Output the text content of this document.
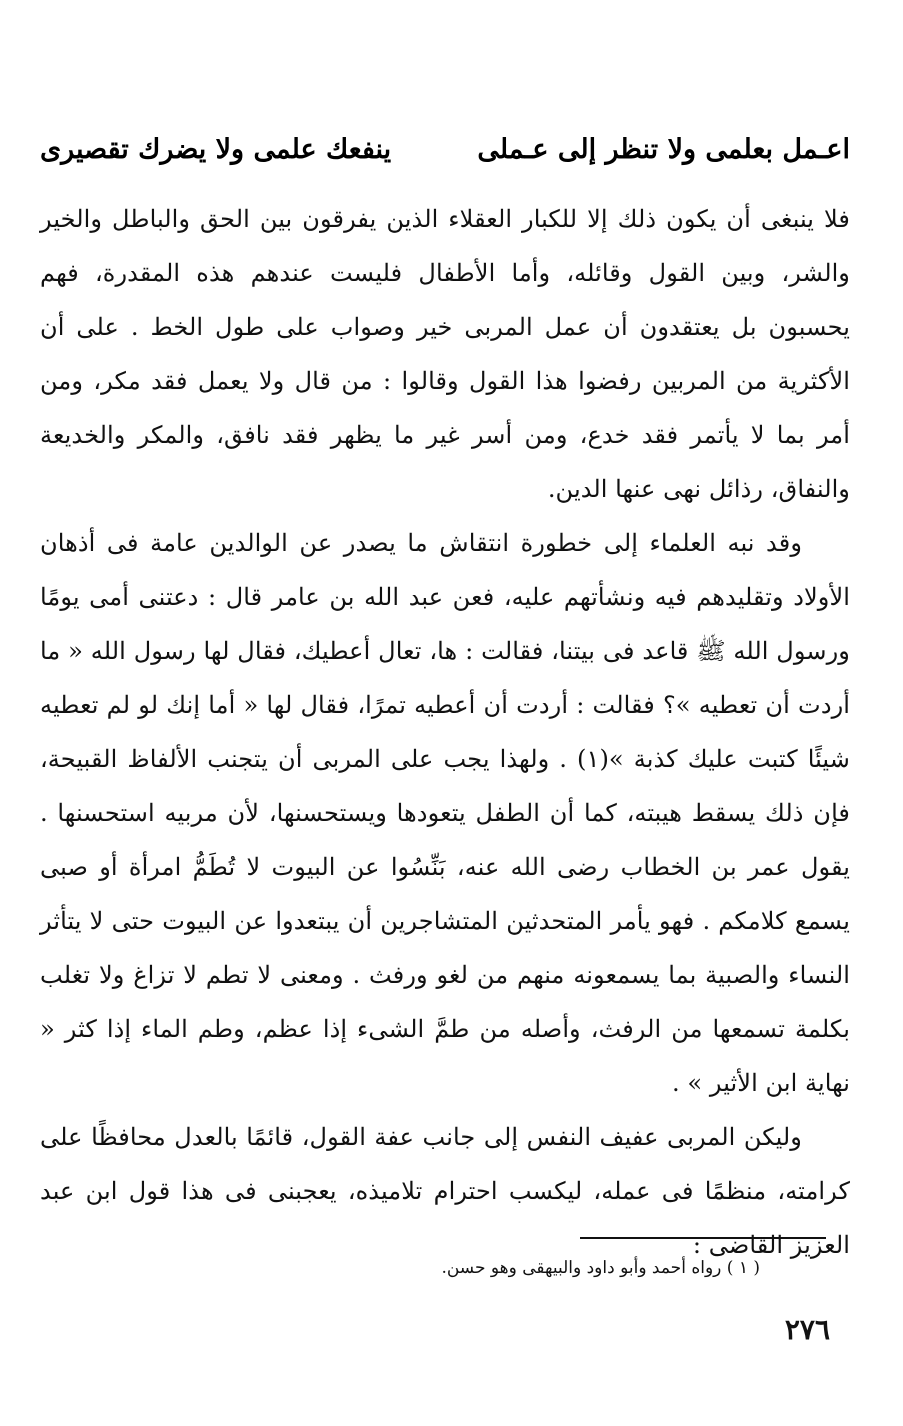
اعـمل بعلمى ولا تنظر إلى عـملى
ينفعك علمى ولا يضرك تقصيرى

فلا ينبغى أن يكون ذلك إلا للكبار العقلاء الذين يفرقون بين الحق والباطل والخير والشر، وبين القول وقائله، وأما الأطفال فليست عندهم هذه المقدرة، فهم يحسبون بل يعتقدون أن عمل المربى خير وصواب على طول الخط . على أن الأكثرية من المربين رفضوا هذا القول وقالوا : من قال ولا يعمل فقد مكر، ومن أمر بما لا يأتمر فقد خدع، ومن أسر غير ما يظهر فقد نافق، والمكر والخديعة والنفاق، رذائل نهى عنها الدين.

وقد نبه العلماء إلى خطورة انتقاش ما يصدر عن الوالدين عامة فى أذهان الأولاد وتقليدهم فيه ونشأتهم عليه، فعن عبد الله بن عامر قال : دعتنى أمى يومًا ورسول الله ﷺ قاعد فى بيتنا، فقالت : ها، تعال أعطيك، فقال لها رسول الله « ما أردت أن تعطيه »؟ فقالت : أردت أن أعطيه تمرًا، فقال لها « أما إنك لو لم تعطيه شيئًا كتبت عليك كذبة »(١) . ولهذا يجب على المربى أن يتجنب الألفاظ القبيحة، فإن ذلك يسقط هيبته، كما أن الطفل يتعودها ويستحسنها، لأن مربيه استحسنها . يقول عمر بن الخطاب رضى الله عنه، بَنِّسُوا عن البيوت لا تُطَمُّ امرأة أو صبى يسمع كلامكم . فهو يأمر المتحدثين المتشاجرين أن يبتعدوا عن البيوت حتى لا يتأثر النساء والصبية بما يسمعونه منهم من لغو ورفث . ومعنى لا تطم لا تزاغ ولا تغلب بكلمة تسمعها من الرفث، وأصله من طمَّ الشىء إذا عظم، وطم الماء إذا كثر « نهاية ابن الأثير » .

وليكن المربى عفيف النفس إلى جانب عفة القول، قائمًا بالعدل محافظًا على كرامته، منظمًا فى عمله، ليكسب احترام تلاميذه، يعجبنى فى هذا قول ابن عبد العزيز القاضى :

( ١ ) رواه أحمد وأبو داود والبيهقى وهو حسن.
٢٧٦
